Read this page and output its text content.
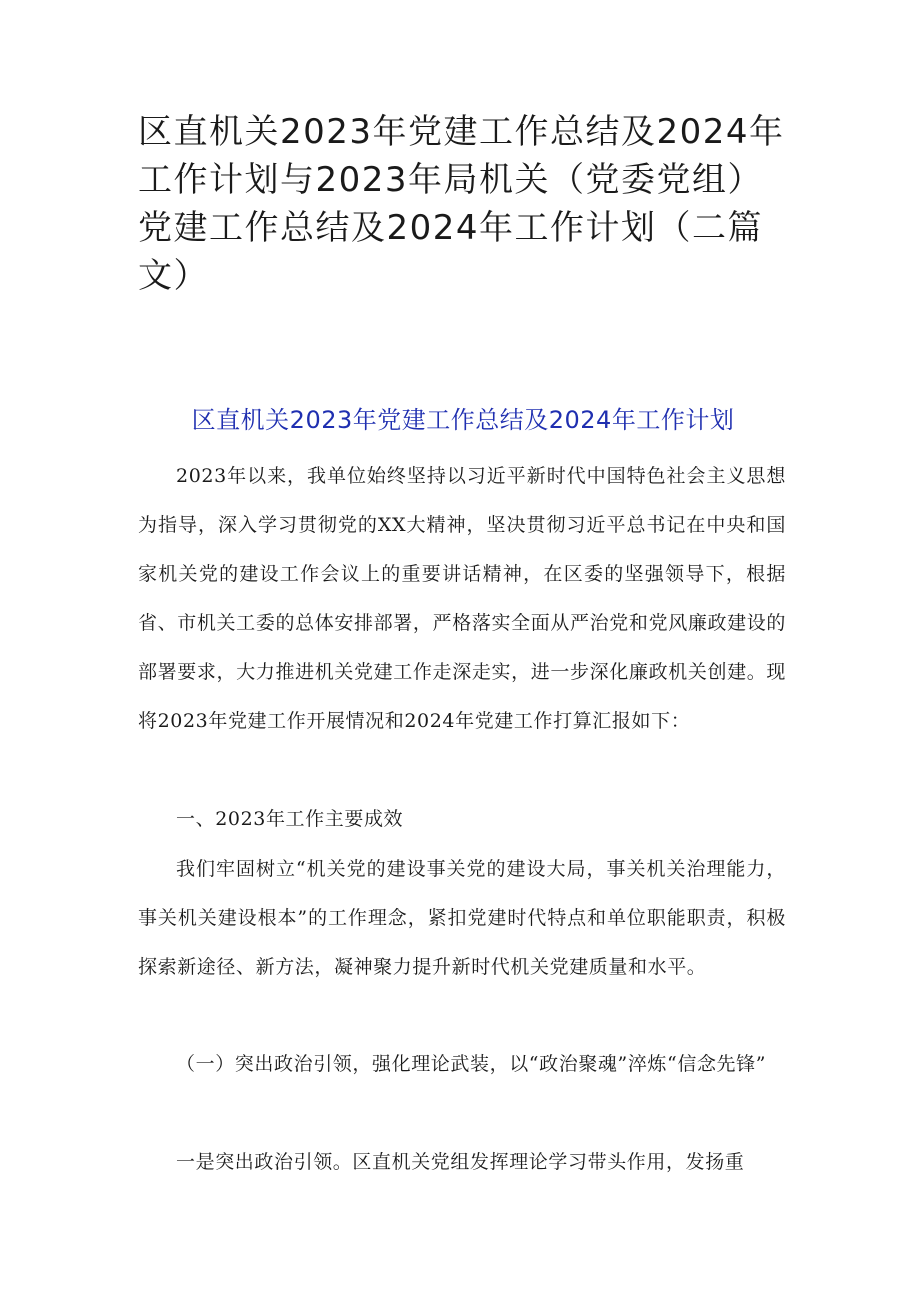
区直机关2023年党建工作总结及2024年工作计划与2023年局机关（党委党组）党建工作总结及2024年工作计划（二篇文）
区直机关2023年党建工作总结及2024年工作计划

2023年以来，我单位始终坚持以习近平新时代中国特色社会主义思想为指导，深入学习贯彻党的XX大精神，坚决贯彻习近平总书记在中央和国家机关党的建设工作会议上的重要讲话精神，在区委的坚强领导下，根据省、市机关工委的总体安排部署，严格落实全面从严治党和党风廉政建设的部署要求，大力推进机关党建工作走深走实，进一步深化廉政机关创建。现将2023年党建工作开展情况和2024年党建工作打算汇报如下：

一、2023年工作主要成效

我们牢固树立“机关党的建设事关党的建设大局，事关机关治理能力，事关机关建设根本”的工作理念，紧扣党建时代特点和单位职能职责，积极探索新途径、新方法，凝神聚力提升新时代机关党建质量和水平。

（一）突出政治引领，强化理论武装，以“政治聚魂”淬炼“信念先锋”

一是突出政治引领。区直机关党组发挥理论学习带头作用，发扬重
